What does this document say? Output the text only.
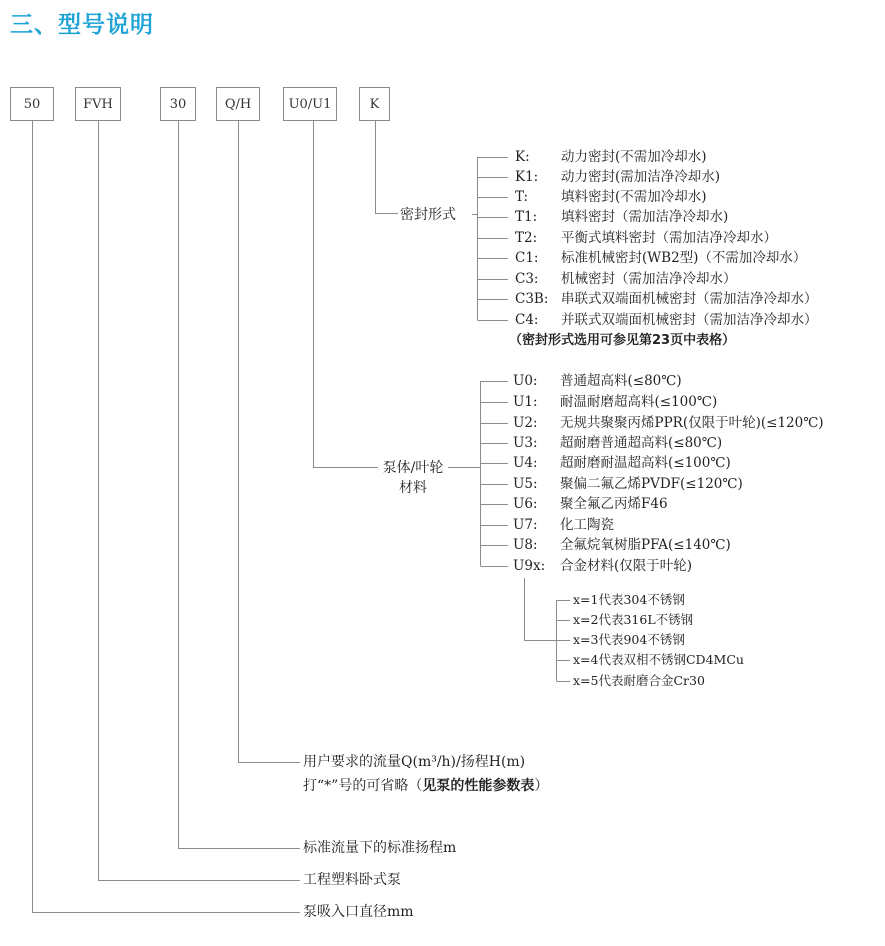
三、型号说明
50	FVH	30	Q/H	U0/U1	K
密封形式
K: 动力密封(不需加冷却水)
K1: 动力密封(需加洁净冷却水)
T: 填料密封(不需加冷却水)
T1: 填料密封（需加洁净冷却水)
T2: 平衡式填料密封（需加洁净冷却水）
C1: 标准机械密封(WB2型)（不需加冷却水）
C3: 机械密封（需加洁净冷却水）
C3B: 串联式双端面机械密封（需加洁净冷却水）
C4: 并联式双端面机械密封（需加洁净冷却水）
（密封形式选用可参见第23页中表格）
泵体/叶轮
材料
U0: 普通超高料(≤80℃)
U1: 耐温耐磨超高料(≤100℃)
U2: 无规共聚聚丙烯PPR(仅限于叶轮)(≤120℃)
U3: 超耐磨普通超高料(≤80℃)
U4: 超耐磨耐温超高料(≤100℃)
U5: 聚偏二氟乙烯PVDF(≤120℃)
U6: 聚全氟乙丙烯F46
U7: 化工陶瓷
U8: 全氟烷氧树脂PFA(≤140℃)
U9x: 合金材料(仅限于叶轮)
x=1代表304不锈钢
x=2代表316L不锈钢
x=3代表904不锈钢
x=4代表双相不锈钢CD4MCu
x=5代表耐磨合金Cr30
用户要求的流量Q(m³/h)/扬程H(m)
打“*”号的可省略（见泵的性能参数表）
标准流量下的标准扬程m
工程塑料卧式泵
泵吸入口直径mm
